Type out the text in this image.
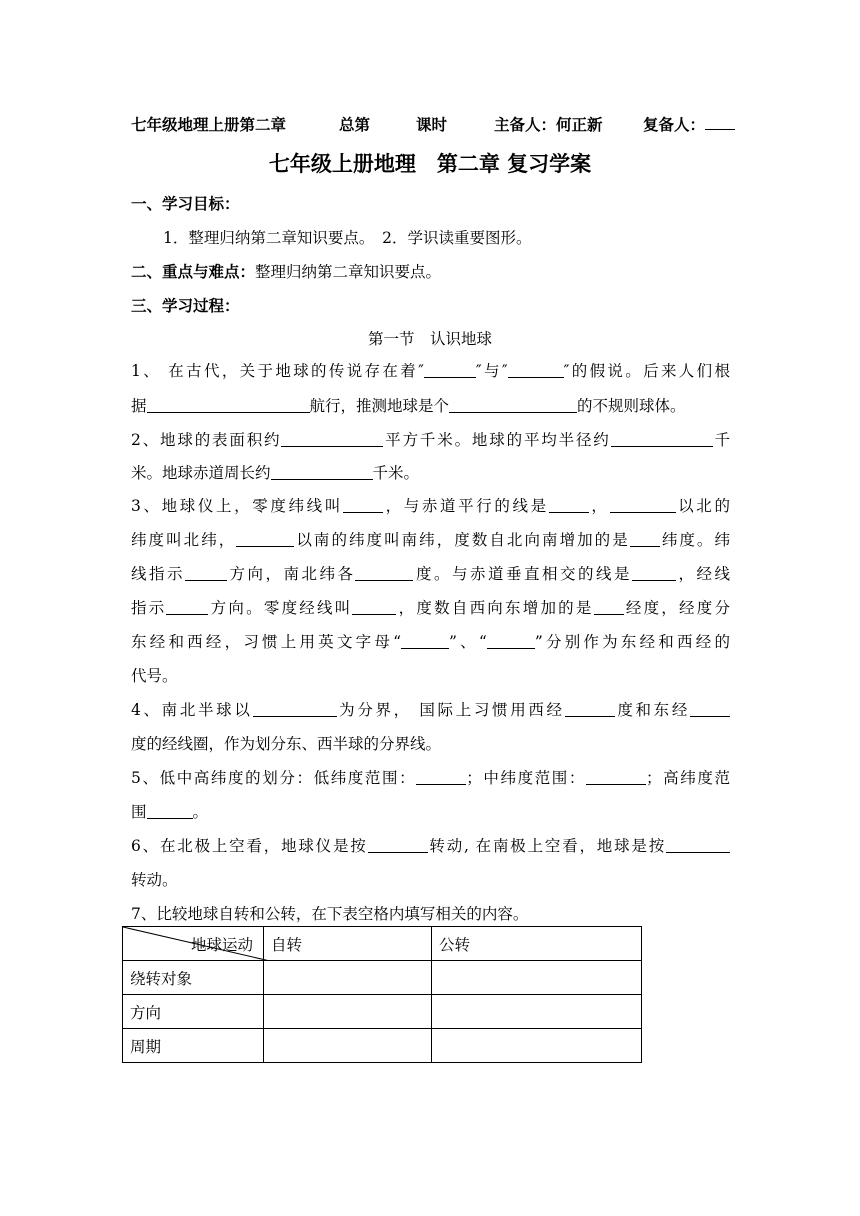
七年级地理上册第二章	总第	课时	主备人：何正新	复备人：
七年级上册地理　第二章 复习学案
一、学习目标：
1．整理归纳第二章知识要点。　2．学识读重要图形。
二、重点与难点：整理归纳第二章知识要点。
三、学习过程：
第一节　认识地球
1、 在古代，关于地球的传说存在着″	″与″	″的假说。后来人们根
据	航行，推测地球是个	的不规则球体。
2、地球的表面积约	平方千米。地球的平均半径约	千
米。地球赤道周长约	千米。
3、地球仪上，零度纬线叫	，与赤道平行的线是	，	以北的
纬度叫北纬，	以南的纬度叫南纬，度数自北向南增加的是 纬度。纬
线指示	方向，南北纬各	度。与赤道垂直相交的线是	，经线
指示	方向。零度经线叫	，度数自西向东增加的是 经度，经度分
东经和西经，习惯上用英文字母“	”、“	”分别作为东经和西经的
代号。
4、南北半球以	为分界， 国际上习惯用西经	度和东经
度的经线圈，作为划分东、西半球的分界线。
5、低中高纬度的划分：低纬度范围：	；中纬度范围：	；高纬度范
围	。
6、在北极上空看，地球仪是按	转动, 在南极上空看，地球是按
转动。
7、比较地球自转和公转，在下表空格内填写相关的内容。
地球运动	自转	公转
绕转对象		
方向		
周期		
